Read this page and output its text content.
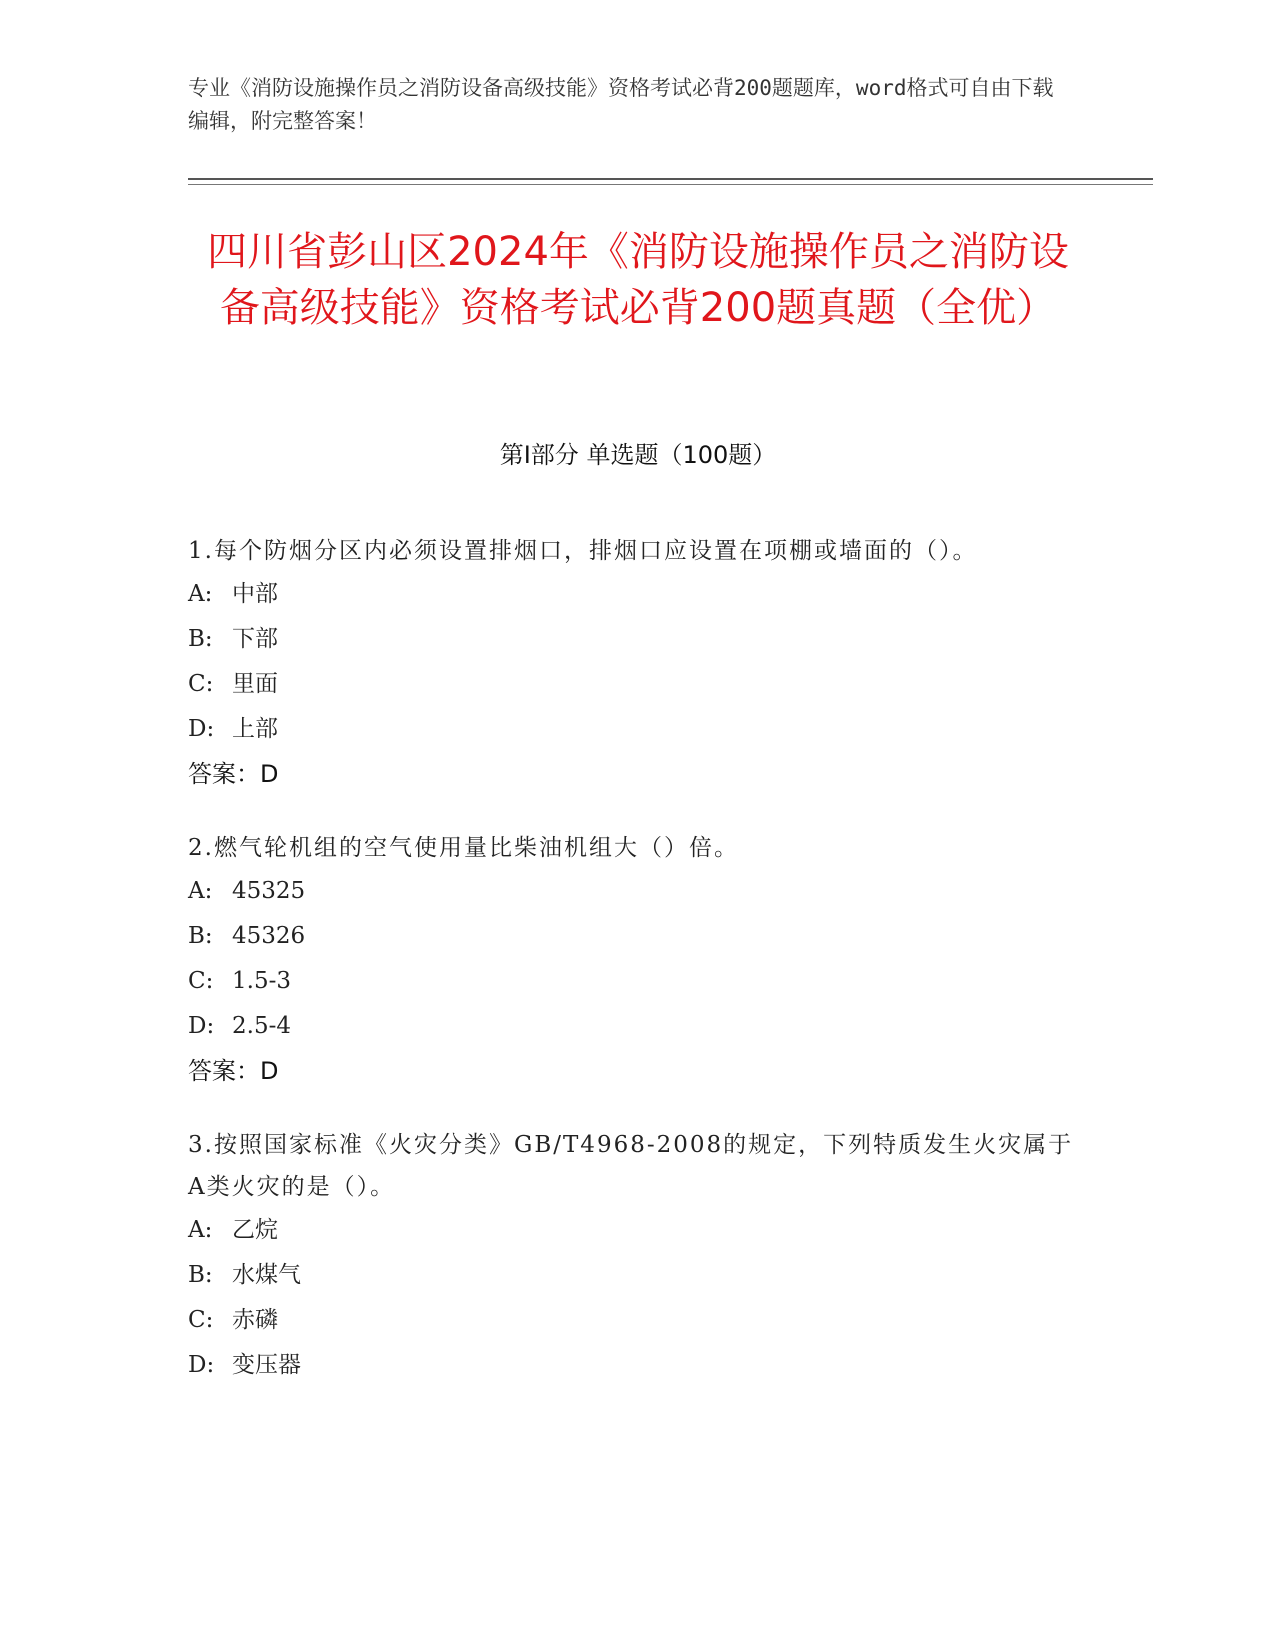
专业《消防设施操作员之消防设备高级技能》资格考试必背200题题库，word格式可自由下载编辑，附完整答案！
四川省彭山区2024年《消防设施操作员之消防设备高级技能》资格考试必背200题真题（全优）
第I部分 单选题（100题）
1.每个防烟分区内必须设置排烟口，排烟口应设置在项棚或墙面的（）。
A: 中部
B: 下部
C: 里面
D: 上部
答案：D
2.燃气轮机组的空气使用量比柴油机组大（）倍。
A: 45325
B: 45326
C: 1.5-3
D: 2.5-4
答案：D
3.按照国家标准《火灾分类》GB/T4968-2008的规定，下列特质发生火灾属于A类火灾的是（）。
A: 乙烷
B: 水煤气
C: 赤磷
D: 变压器
